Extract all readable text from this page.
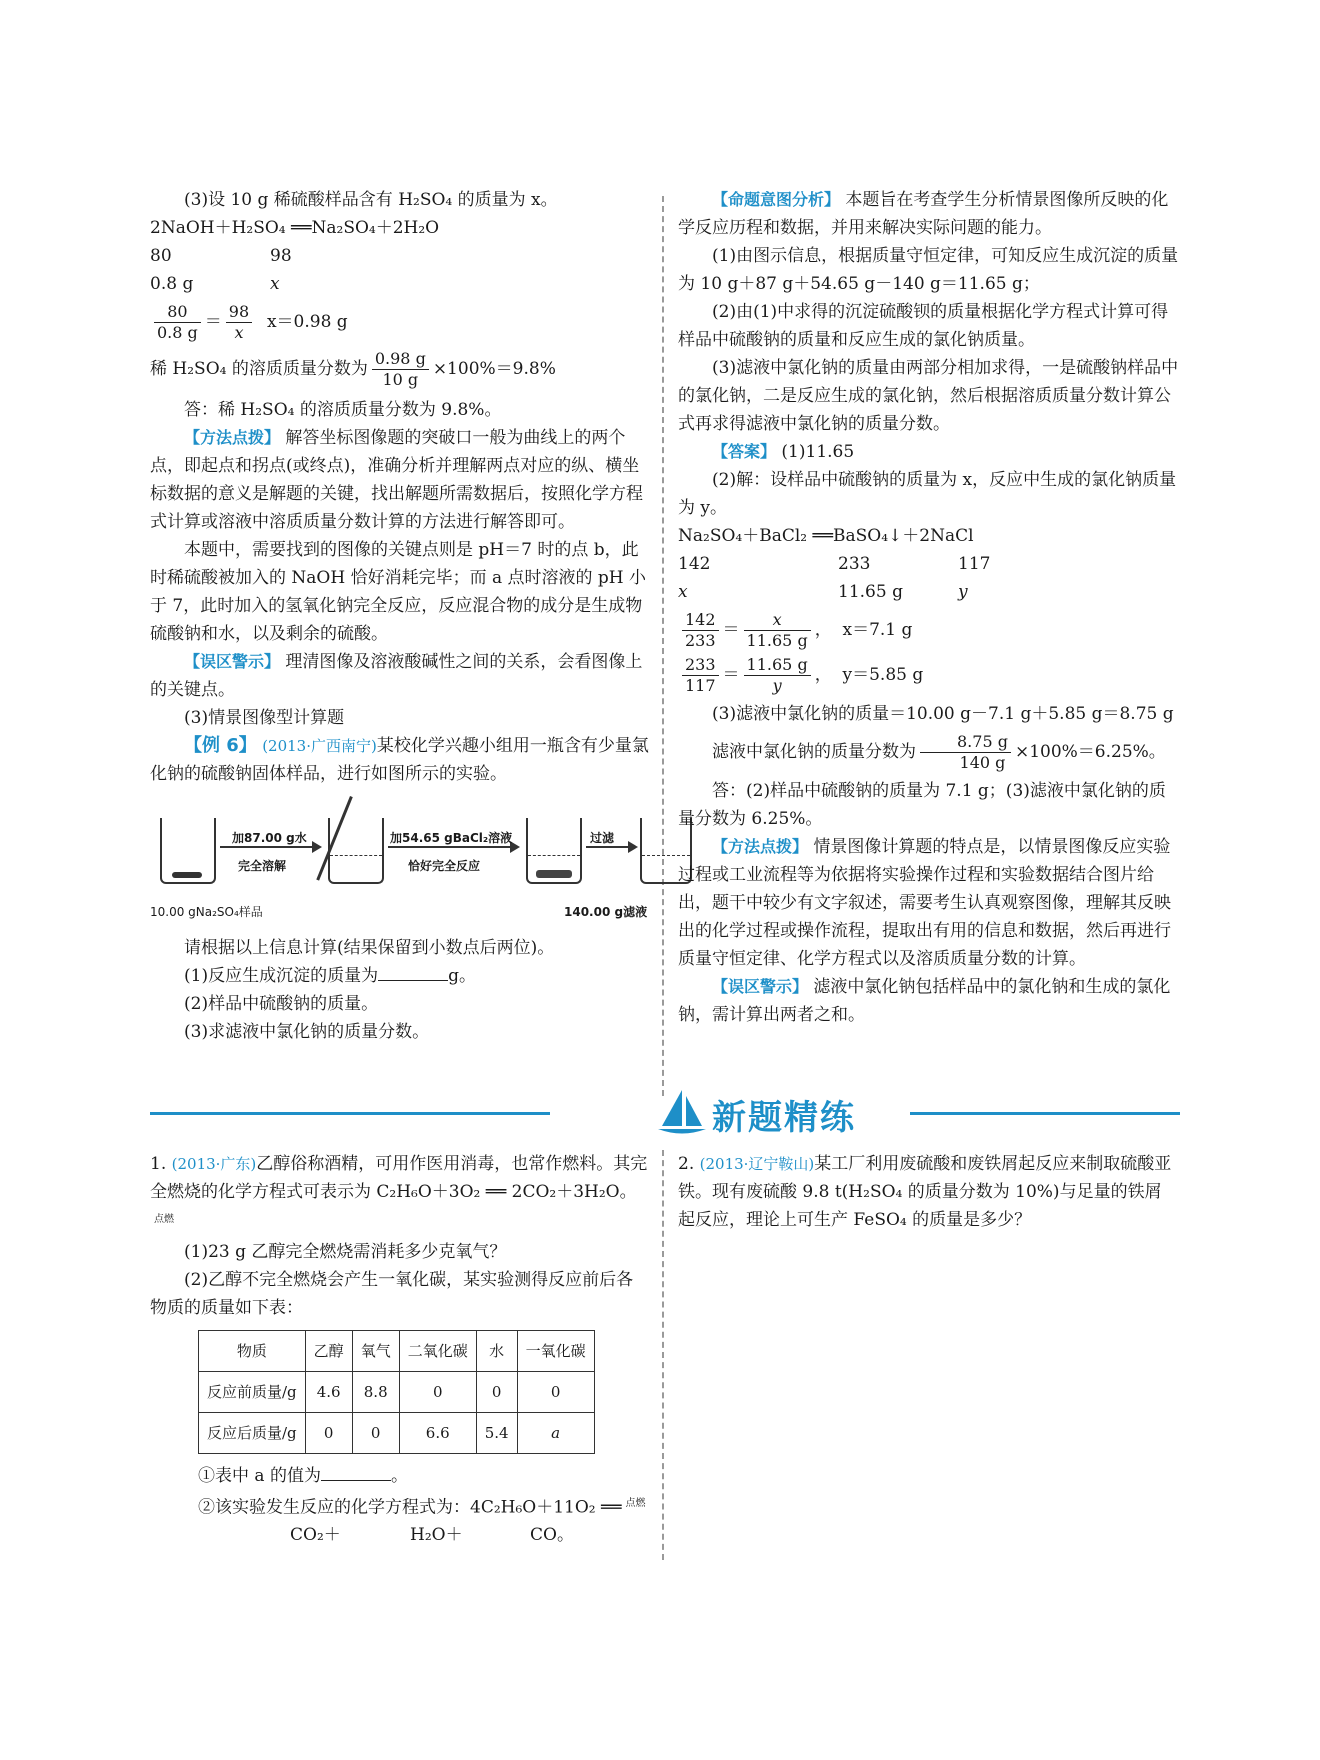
(3)设 10 g 稀硫酸样品含有 H₂SO₄ 的质量为 x。

2NaOH＋H₂SO₄ ══Na₂SO₄＋2H₂O

80	98
0.8 g	x

$\frac{80}{0.8 g} = \frac{98}{x} x=0.98$ g

稀 H₂SO₄ 的溶质质量分数为 $\frac{0.98 g}{10 g} \times 100\%=9.8\%$

答：稀 H₂SO₄ 的溶质质量分数为 9.8%。

【方法点拨】 解答坐标图像题的突破口一般为曲线上的两个点，即起点和拐点(或终点)，准确分析并理解两点对应的纵、横坐标数据的意义是解题的关键，找出解题所需数据后，按照化学方程式计算或溶液中溶质质量分数计算的方法进行解答即可。

本题中，需要找到的图像的关键点则是 pH＝7 时的点 b，此时稀硫酸被加入的 NaOH 恰好消耗完毕；而 a 点时溶液的 pH 小于 7，此时加入的氢氧化钠完全反应，反应混合物的成分是生成物硫酸钠和水，以及剩余的硫酸。

【误区警示】 理清图像及溶液酸碱性之间的关系，会看图像上的关键点。

(3)情景图像型计算题

【例 6】 (2013·广西南宁)某校化学兴趣小组用一瓶含有少量氯化钠的硫酸钠固体样品，进行如图所示的实验。

加87.00 g水
完全溶解
加54.65 gBaCl₂溶液
恰好完全反应
过滤
10.00 gNa₂SO₄样品	140.00 g滤液

请根据以上信息计算(结果保留到小数点后两位)。

(1)反应生成沉淀的质量为	g。

(2)样品中硫酸钠的质量。

(3)求滤液中氯化钠的质量分数。

【命题意图分析】 本题旨在考查学生分析情景图像所反映的化学反应历程和数据，并用来解决实际问题的能力。

(1)由图示信息，根据质量守恒定律，可知反应生成沉淀的质量为 10 g＋87 g＋54.65 g－140 g＝11.65 g；

(2)由(1)中求得的沉淀硫酸钡的质量根据化学方程式计算可得样品中硫酸钠的质量和反应生成的氯化钠质量。

(3)滤液中氯化钠的质量由两部分相加求得，一是硫酸钠样品中的氯化钠，二是反应生成的氯化钠，然后根据溶质质量分数计算公式再求得滤液中氯化钠的质量分数。

【答案】 (1)11.65

(2)解：设样品中硫酸钠的质量为 x，反应中生成的氯化钠质量为 y。

Na₂SO₄＋BaCl₂ ══BaSO₄↓＋2NaCl

142	233	117
x	11.65 g	y

$\frac{142}{233} = \frac{x}{11.65 g}$ ，  x＝7.1 g

$\frac{233}{117} = \frac{11.65 g}{y}$ ，  y＝5.85 g

(3)滤液中氯化钠的质量＝10.00 g－7.1 g＋5.85 g＝8.75 g

滤液中氯化钠的质量分数为 $\frac{8.75 g}{140 g} \times 100\%=6.25\%$。

答：(2)样品中硫酸钠的质量为 7.1 g；(3)滤液中氯化钠的质量分数为 6.25%。

【方法点拨】 情景图像计算题的特点是，以情景图像反应实验过程或工业流程等为依据将实验操作过程和实验数据结合图片给出，题干中较少有文字叙述，需要考生认真观察图像，理解其反映出的化学过程或操作流程，提取出有用的信息和数据，然后再进行质量守恒定律、化学方程式以及溶质质量分数的计算。

【误区警示】 滤液中氯化钠包括样品中的氯化钠和生成的氯化钠，需计算出两者之和。

新题精练

1. (2013·广东)乙醇俗称酒精，可用作医用消毒，也常作燃料。其完全燃烧的化学方程式可表示为 C₂H₆O＋3O₂ ══ 2CO₂＋3H₂O。$^{点燃}$

(1)23 g 乙醇完全燃烧需消耗多少克氧气？

(2)乙醇不完全燃烧会产生一氧化碳，某实验测得反应前后各物质的质量如下表：

物质	乙醇	氧气	二氧化碳	水	一氧化碳
反应前质量/g	4.6	8.8	0	0	0
反应后质量/g	0	0	6.6	5.4	a

①表中 a 的值为	。

②该实验发生反应的化学方程式为：4C₂H₆O＋11O₂ ══ $^{点燃}$

CO₂＋	H₂O＋	CO。

2. (2013·辽宁鞍山)某工厂利用废硫酸和废铁屑起反应来制取硫酸亚铁。现有废硫酸 9.8 t(H₂SO₄ 的质量分数为 10%)与足量的铁屑起反应，理论上可生产 FeSO₄ 的质量是多少？
